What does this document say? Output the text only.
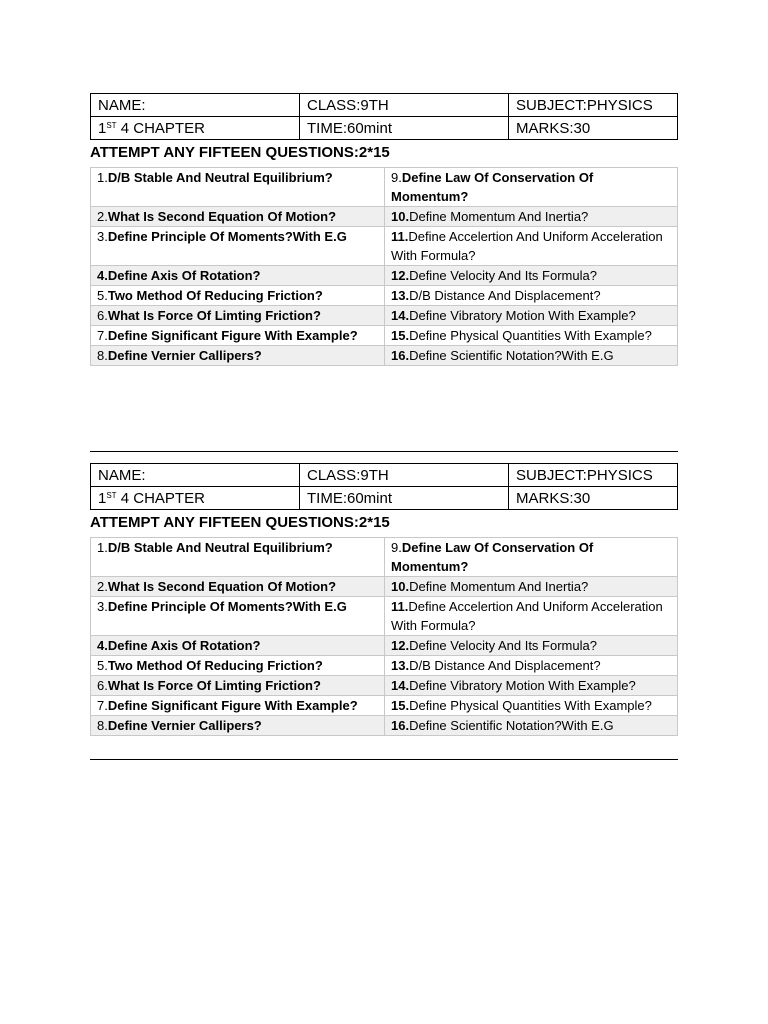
NAME:	CLASS:9TH	SUBJECT:PHYSICS
1ST 4 CHAPTER	TIME:60mint	MARKS:30
ATTEMPT ANY FIFTEEN QUESTIONS:2*15
1.D/B Stable And Neutral Equilibrium?	9.Define Law Of Conservation Of Momentum?
2.What Is Second Equation Of Motion?	10.Define Momentum And Inertia?
3.Define Principle Of Moments?With E.G	11.Define Accelertion And Uniform Acceleration With Formula?
4.Define Axis Of Rotation?	12.Define Velocity And Its Formula?
5.Two Method Of Reducing Friction?	13.D/B Distance And Displacement?
6.What Is Force Of Limting Friction?	14.Define Vibratory Motion With Example?
7.Define Significant Figure With Example?	15.Define Physical Quantities With Example?
8.Define Vernier Callipers?	16.Define Scientific Notation?With E.G
NAME:	CLASS:9TH	SUBJECT:PHYSICS
1ST 4 CHAPTER	TIME:60mint	MARKS:30
ATTEMPT ANY FIFTEEN QUESTIONS:2*15
1.D/B Stable And Neutral Equilibrium?	9.Define Law Of Conservation Of Momentum?
2.What Is Second Equation Of Motion?	10.Define Momentum And Inertia?
3.Define Principle Of Moments?With E.G	11.Define Accelertion And Uniform Acceleration With Formula?
4.Define Axis Of Rotation?	12.Define Velocity And Its Formula?
5.Two Method Of Reducing Friction?	13.D/B Distance And Displacement?
6.What Is Force Of Limting Friction?	14.Define Vibratory Motion With Example?
7.Define Significant Figure With Example?	15.Define Physical Quantities With Example?
8.Define Vernier Callipers?	16.Define Scientific Notation?With E.G
